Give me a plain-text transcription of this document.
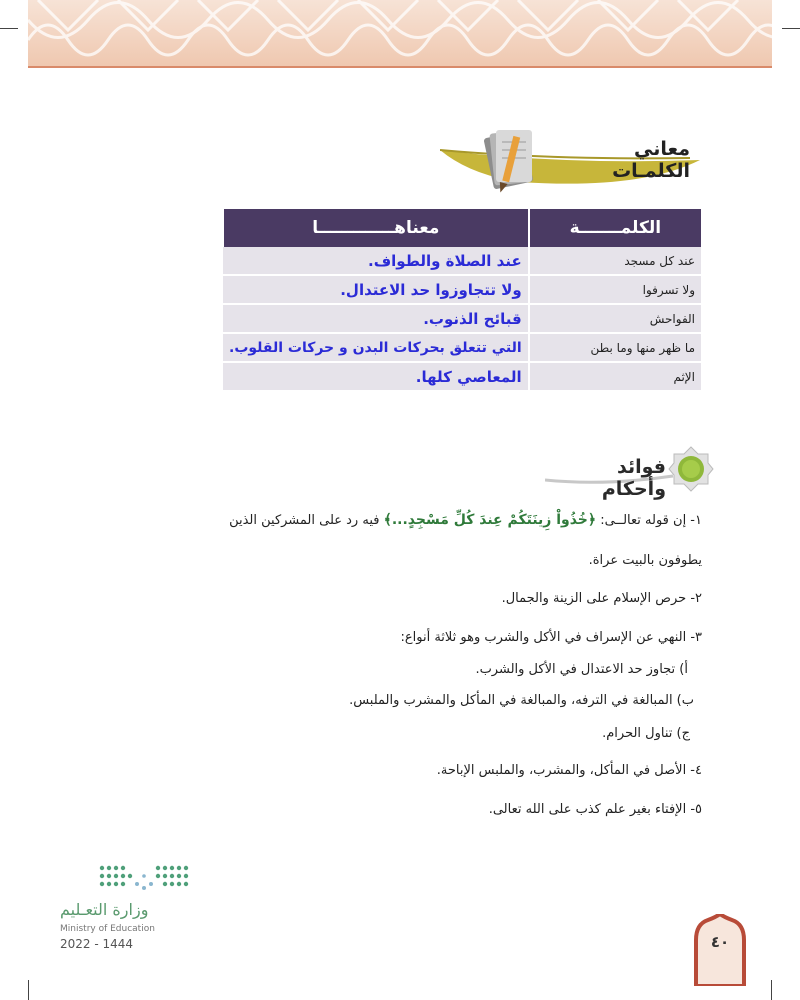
معاني الكلمـات
الكلمـــــــة	معناهـــــــــــــا
عند كل مسجد	عند الصلاة والطواف.
ولا تسرفوا	ولا تتجاوزوا حد الاعتدال.
الفواحش	قبائح الذنوب.
ما ظهر منها وما بطن	التي تتعلق بحركات البدن و حركات القلوب.
الإثم	المعاصي كلها.
فوائد وأحكام
١- إن قوله تعالــى: ﴿خُذُواْ زِينَتَكُمْ عِندَ كُلِّ مَسْجِدٍ...﴾ فيه رد على المشركين الذين
يطوفون بالبيت عراة.
٢- حرص الإسلام على الزينة والجمال.
٣- النهي عن الإسراف في الأكل والشرب وهو ثلاثة أنواع:
أ) تجاوز حد الاعتدال في الأكل والشرب.
ب) المبالغة في الترفه، والمبالغة في المأكل والمشرب والملبس.
ج) تناول الحرام.
٤- الأصل في المأكل، والمشرب، والملبس الإباحة.
٥- الإفتاء بغير علم كذب على الله تعالى.
وزارة التعـليم
Ministry of Education
2022 - 1444	٤٠
